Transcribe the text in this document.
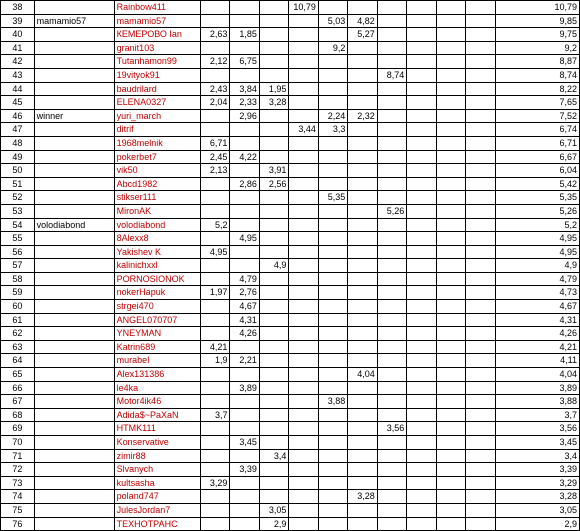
38		Rainbow411				10,79							10,79
39	mamamio57	mamamio57					5,03	4,82					9,85
40		КЕМЕРОВО Ian	2,63	1,85				5,27					9,75
41		granit103					9,2						9,2
42		Tutanhamon99	2,12	6,75									8,87
43		19vityok91							8,74				8,74
44		baudrilard	2,43	3,84	1,95								8,22
45		ELENA0327	2,04	2,33	3,28								7,65
46	winner	yuri_march		2,96			2,24	2,32					7,52
47		ditrif				3,44	3,3						6,74
48		1968melnik	6,71										6,71
49		pokerbet7	2,45	4,22									6,67
50		vik50	2,13		3,91								6,04
51		Abcd1982		2,86	2,56								5,42
52		stikser111					5,35						5,35
53		MironAK							5,26				5,26
54	volodiabond	volodiabond	5,2										5,2
55		8Alexx8		4,95									4,95
56		Yakishev K	4,95										4,95
57		kalinichxxl			4,9								4,9
58		PORNOSIONOK		4,79									4,79
59		nokerHapuk	1,97	2,76									4,73
60		strgei470		4,67									4,67
61		ANGEL070707		4,31									4,31
62		YNEYMAN		4,26									4,26
63		Katrin689	4,21										4,21
64		murabel	1,9	2,21									4,11
65		Alex131386						4,04					4,04
66		le4ka		3,89									3,89
67		Motor4ik46					3,88						3,88
68		Adida$~PaXaN	3,7										3,7
69		HTMK111							3,56				3,56
70		Konservative		3,45									3,45
71		zimir88			3,4								3,4
72		Slvanych		3,39									3,39
73		kultsasha	3,29										3,29
74		poland747						3,28					3,28
75		JulesJordan7			3,05								3,05
76		ТЕХНОТРАНС			2,9								2,9
